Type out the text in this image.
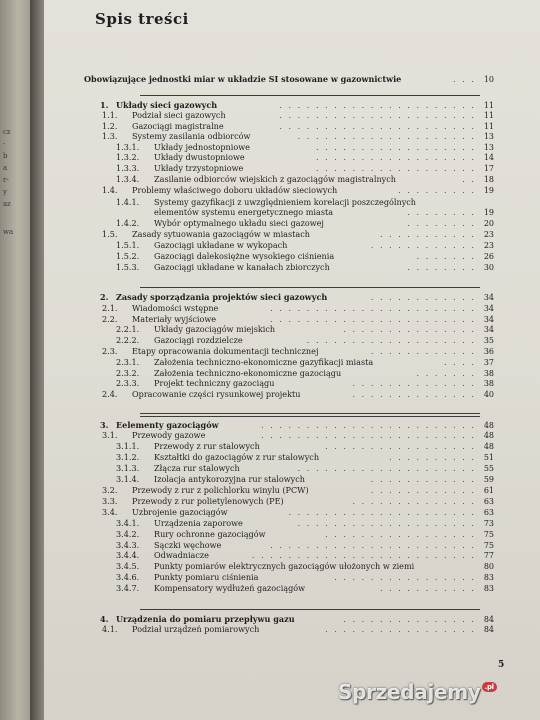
cz
-
b
a
r-
y
az
wa
Spis treści
Obowiązujące jednostki miar w układzie SI stosowane w gazownictwie	. . . 10
1. Układy sieci gazowych	. . . . . . . . . . . . . . . . . . . . . . 11
1.1. Podział sieci gazowych	. . . . . . . . . . . . . . . . . . . . . . 11
1.2. Gazociągi magistralne	. . . . . . . . . . . . . . . . . . . . . . 11
1.3. Systemy zasilania odbiorców	. . . . . . . . . . . . . . . . . . . . 13
1.3.1. Układy jednostopniowe	. . . . . . . . . . . . . . . . . . 13
1.3.2. Układy dwustopniowe	. . . . . . . . . . . . . . . . . . 14
1.3.3. Układy trzystopniowe	. . . . . . . . . . . . . . . . . . 17
1.3.4. Zasilanie odbiorców wiejskich z gazociągów magistralnych	. . 18
1.4. Problemy właściwego doboru układów sieciowych	. . . . . . . . . 19
1.4.1. Systemy gazyfikacji z uwzględnieniem korelacji poszczególnych
elementów systemu energetycznego miasta	. . . . . . . . 19
1.4.2. Wybór optymalnego układu sieci gazowej	. . . . . . . . 20
1.5. Zasady sytuowania gazociągów w miastach	. . . . . . . . . . . 23
1.5.1. Gazociągi układane w wykopach	. . . . . . . . . . . . 23
1.5.2. Gazociągi dalekosiężne wysokiego ciśnienia	. . . . . . . 26
1.5.3. Gazociągi układane w kanałach zbiorczych	. . . . . . . . 30
2. Zasady sporządzania projektów sieci gazowych	. . . . . . . . . . . . 34
2.1. Wiadomości wstępne	. . . . . . . . . . . . . . . . . . . . . . . 34
2.2. Materiały wyjściowe	. . . . . . . . . . . . . . . . . . . . . . . 34
2.2.1. Układy gazociągów miejskich	. . . . . . . . . . . . . . . 34
2.2.2. Gazociągi rozdzielcze	. . . . . . . . . . . . . . . . . . . 35
2.3. Etapy opracowania dokumentacji technicznej	. . . . . . . . . . . . 36
2.3.1. Założenia techniczno-ekonomiczne gazyfikacji miasta	. . . . 37
2.3.2. Założenia techniczno-ekonomiczne gazociągu	. . . . . . . 38
2.3.3. Projekt techniczny gazociągu	. . . . . . . . . . . . . . 38
2.4. Opracowanie części rysunkowej projektu	. . . . . . . . . . . . . . 40
3. Eelementy gazociągów	. . . . . . . . . . . . . . . . . . . . . . . . 48
3.1. Przewody gazowe	. . . . . . . . . . . . . . . . . . . . . . . . 48
3.1.1. Przewody z rur stalowych	. . . . . . . . . . . . . . . . . 48
3.1.2. Kształtki do gazociągów z rur stalowych	. . . . . . . . . . 51
3.1.3. Złącza rur stalowych	. . . . . . . . . . . . . . . . . . . . 55
3.1.4. Izolacja antykorozyjna rur stalowych	. . . . . . . . . . . . 59
3.2. Przewody z rur z polichlorku winylu (PCW)	. . . . . . . . . . . . 61
3.3. Przewody z rur polietylenowych (PE)	. . . . . . . . . . . . . . 63
3.4. Uzbrojenie gazociągów	. . . . . . . . . . . . . . . . . . . . . 63
3.4.1. Urządzenia zaporowe	. . . . . . . . . . . . . . . . . . . . 73
3.4.2. Rury ochronne gazociągów	. . . . . . . . . . . . . . . . . 75
3.4.3. Sączki węchowe	. . . . . . . . . . . . . . . . . . . . . . . 75
3.4.4. Odwadniacze	. . . . . . . . . . . . . . . . . . . . . . . . . 77
3.4.5. Punkty pomiarów elektrycznych gazociągów ułożonych w ziemi	80
3.4.6. Punkty pomiaru ciśnienia	. . . . . . . . . . . . . . . . 83
3.4.7. Kompensatory wydłużeń gazociągów	. . . . . . . . . . . 83
4. Urządzenia do pomiaru przepływu gazu	. . . . . . . . . . . . . . . 84
4.1. Podział urządzeń pomiarowych	. . . . . . . . . . . . . . . . . 84
5
Sprzedajemy .pl
